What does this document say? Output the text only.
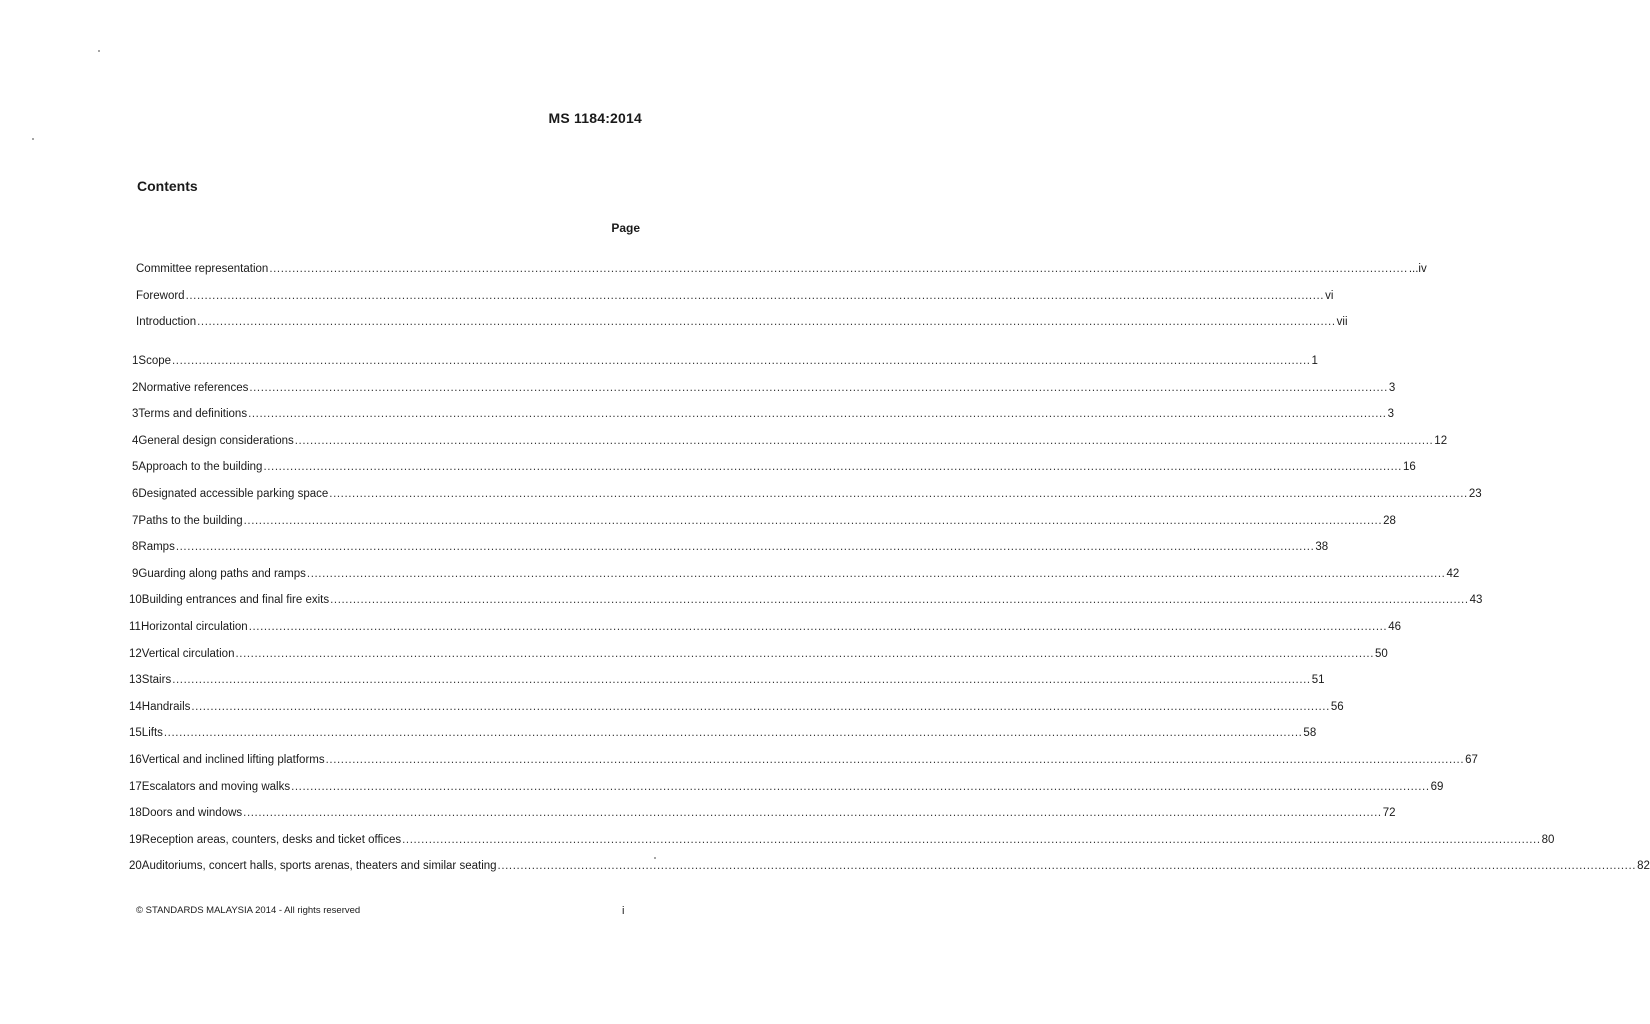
MS 1184:2014
Contents
Page
Committee representation ............................................................................................................................................................................................................................................................................................................ ...iv
Foreword ............................................................................................................................................................................................................................................................................................................ vi
Introduction ............................................................................................................................................................................................................................................................................................................ vii
1 Scope ............................................................................................................................................................................................................................................................................................................ 1
2 Normative references ............................................................................................................................................................................................................................................................................................................ 3
3 Terms and definitions ............................................................................................................................................................................................................................................................................................................ 3
4 General design considerations ............................................................................................................................................................................................................................................................................................................ 12
5 Approach to the building ............................................................................................................................................................................................................................................................................................................ 16
6 Designated accessible parking space ............................................................................................................................................................................................................................................................................................................ 23
7 Paths to the building ............................................................................................................................................................................................................................................................................................................ 28
8 Ramps ............................................................................................................................................................................................................................................................................................................ 38
9 Guarding along paths and ramps ............................................................................................................................................................................................................................................................................................................ 42
10 Building entrances and final fire exits ............................................................................................................................................................................................................................................................................................................ 43
11 Horizontal circulation ............................................................................................................................................................................................................................................................................................................ 46
12 Vertical circulation ............................................................................................................................................................................................................................................................................................................ 50
13 Stairs ............................................................................................................................................................................................................................................................................................................ 51
14 Handrails ............................................................................................................................................................................................................................................................................................................ 56
15 Lifts ............................................................................................................................................................................................................................................................................................................ 58
16 Vertical and inclined lifting platforms ............................................................................................................................................................................................................................................................................................................ 67
17 Escalators and moving walks ............................................................................................................................................................................................................................................................................................................ 69
18 Doors and windows ............................................................................................................................................................................................................................................................................................................ 72
19 Reception areas, counters, desks and ticket offices ............................................................................................................................................................................................................................................................................................................ 80
20 Auditoriums, concert halls, sports arenas, theaters and similar seating ............................................................................................................................................................................................................................................................................................................ 82
© STANDARDS MALAYSIA 2014 - All rights reserved	i
